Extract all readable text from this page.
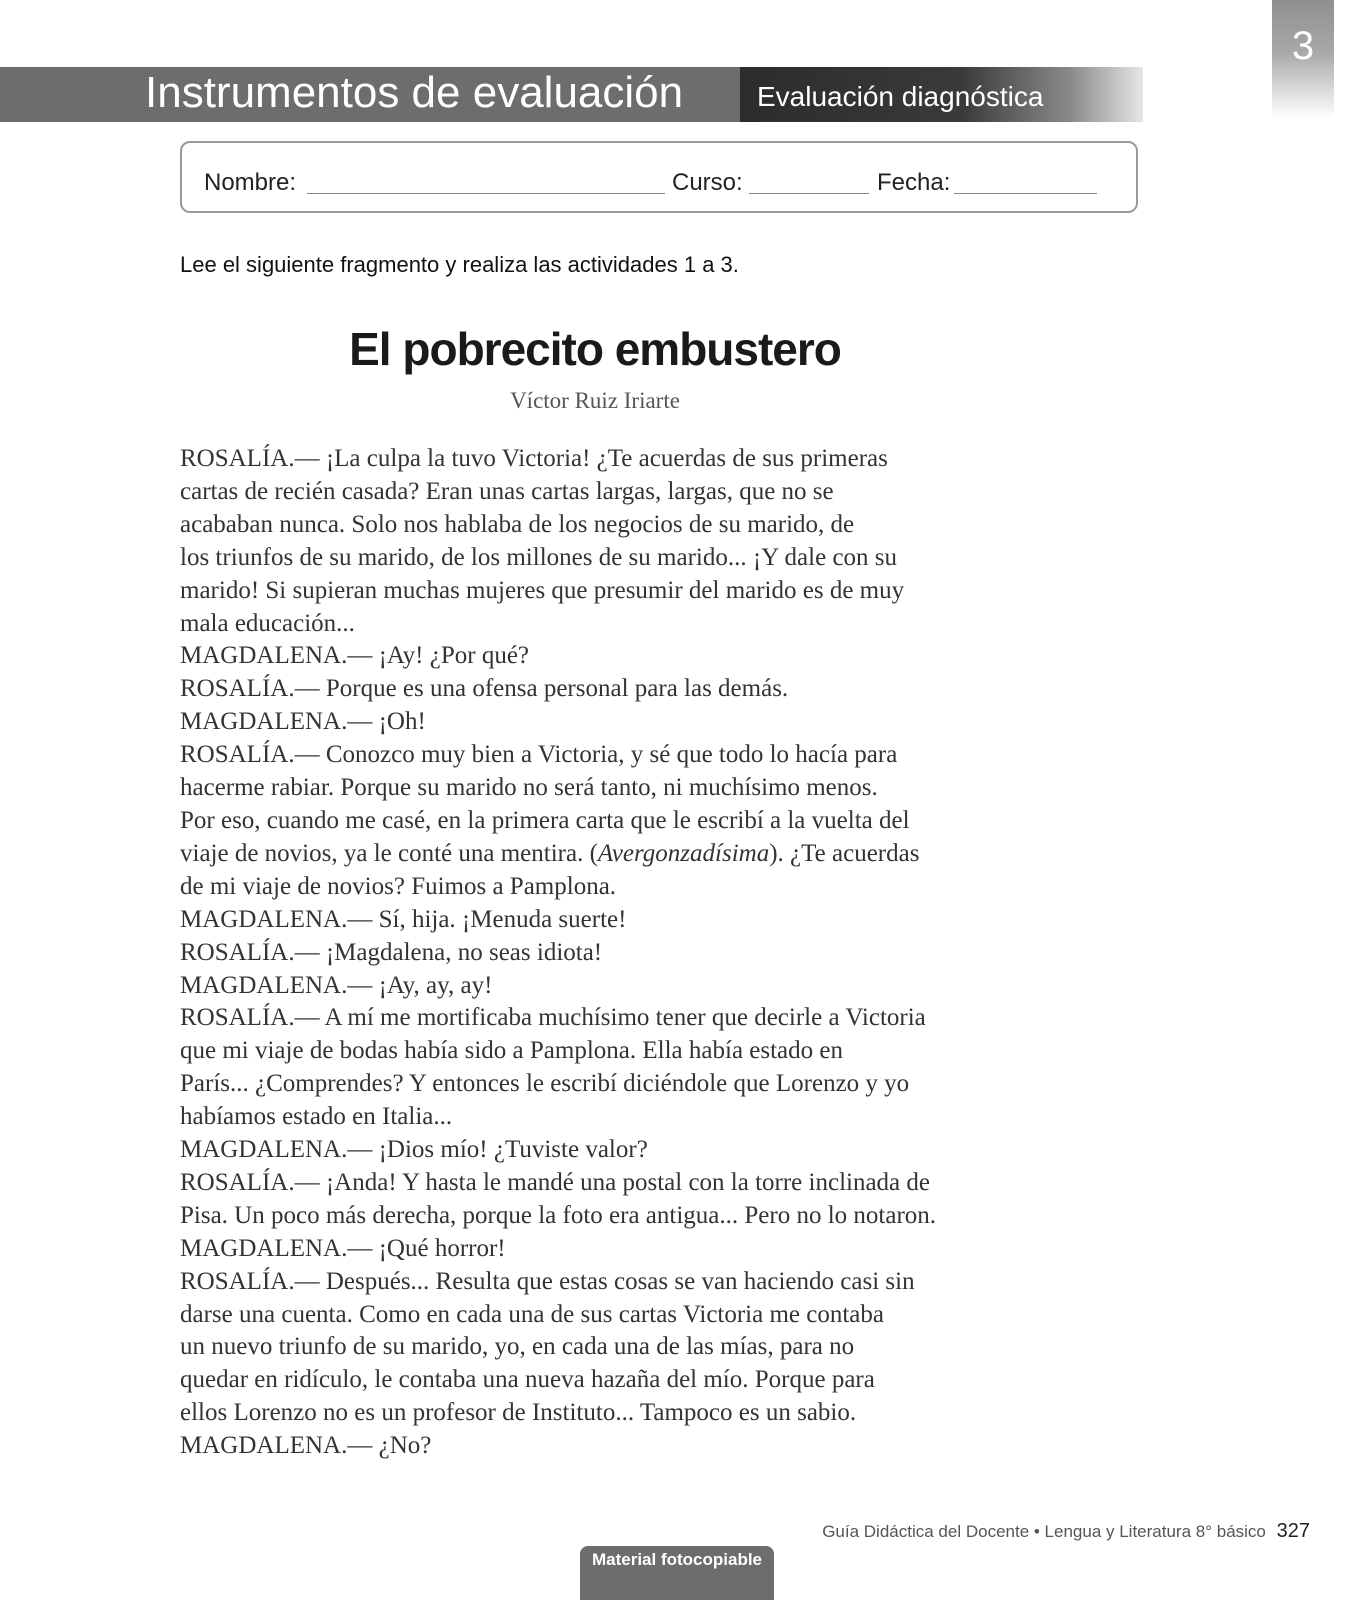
3
Instrumentos de evaluación	Evaluación diagnóstica
Nombre:	Curso:	Fecha:
Lee el siguiente fragmento y realiza las actividades 1 a 3.
El pobrecito embustero
Víctor Ruiz Iriarte
ROSALÍA.— ¡La culpa la tuvo Victoria! ¿Te acuerdas de sus primeras
cartas de recién casada? Eran unas cartas largas, largas, que no se
acababan nunca. Solo nos hablaba de los negocios de su marido, de
los triunfos de su marido, de los millones de su marido... ¡Y dale con su
marido! Si supieran muchas mujeres que presumir del marido es de muy
mala educación...
MAGDALENA.— ¡Ay! ¿Por qué?
ROSALÍA.— Porque es una ofensa personal para las demás.
MAGDALENA.— ¡Oh!
ROSALÍA.— Conozco muy bien a Victoria, y sé que todo lo hacía para
hacerme rabiar. Porque su marido no será tanto, ni muchísimo menos.
Por eso, cuando me casé, en la primera carta que le escribí a la vuelta del
viaje de novios, ya le conté una mentira. (Avergonzadísima). ¿Te acuerdas
de mi viaje de novios? Fuimos a Pamplona.
MAGDALENA.— Sí, hija. ¡Menuda suerte!
ROSALÍA.— ¡Magdalena, no seas idiota!
MAGDALENA.— ¡Ay, ay, ay!
ROSALÍA.— A mí me mortificaba muchísimo tener que decirle a Victoria
que mi viaje de bodas había sido a Pamplona. Ella había estado en
París... ¿Comprendes? Y entonces le escribí diciéndole que Lorenzo y yo
habíamos estado en Italia...
MAGDALENA.— ¡Dios mío! ¿Tuviste valor?
ROSALÍA.— ¡Anda! Y hasta le mandé una postal con la torre inclinada de
Pisa. Un poco más derecha, porque la foto era antigua... Pero no lo notaron.
MAGDALENA.— ¡Qué horror!
ROSALÍA.— Después... Resulta que estas cosas se van haciendo casi sin
darse una cuenta. Como en cada una de sus cartas Victoria me contaba
un nuevo triunfo de su marido, yo, en cada una de las mías, para no
quedar en ridículo, le contaba una nueva hazaña del mío. Porque para
ellos Lorenzo no es un profesor de Instituto... Tampoco es un sabio.
MAGDALENA.— ¿No?
Guía Didáctica del Docente • Lengua y Literatura 8° básico 327
Material fotocopiable
